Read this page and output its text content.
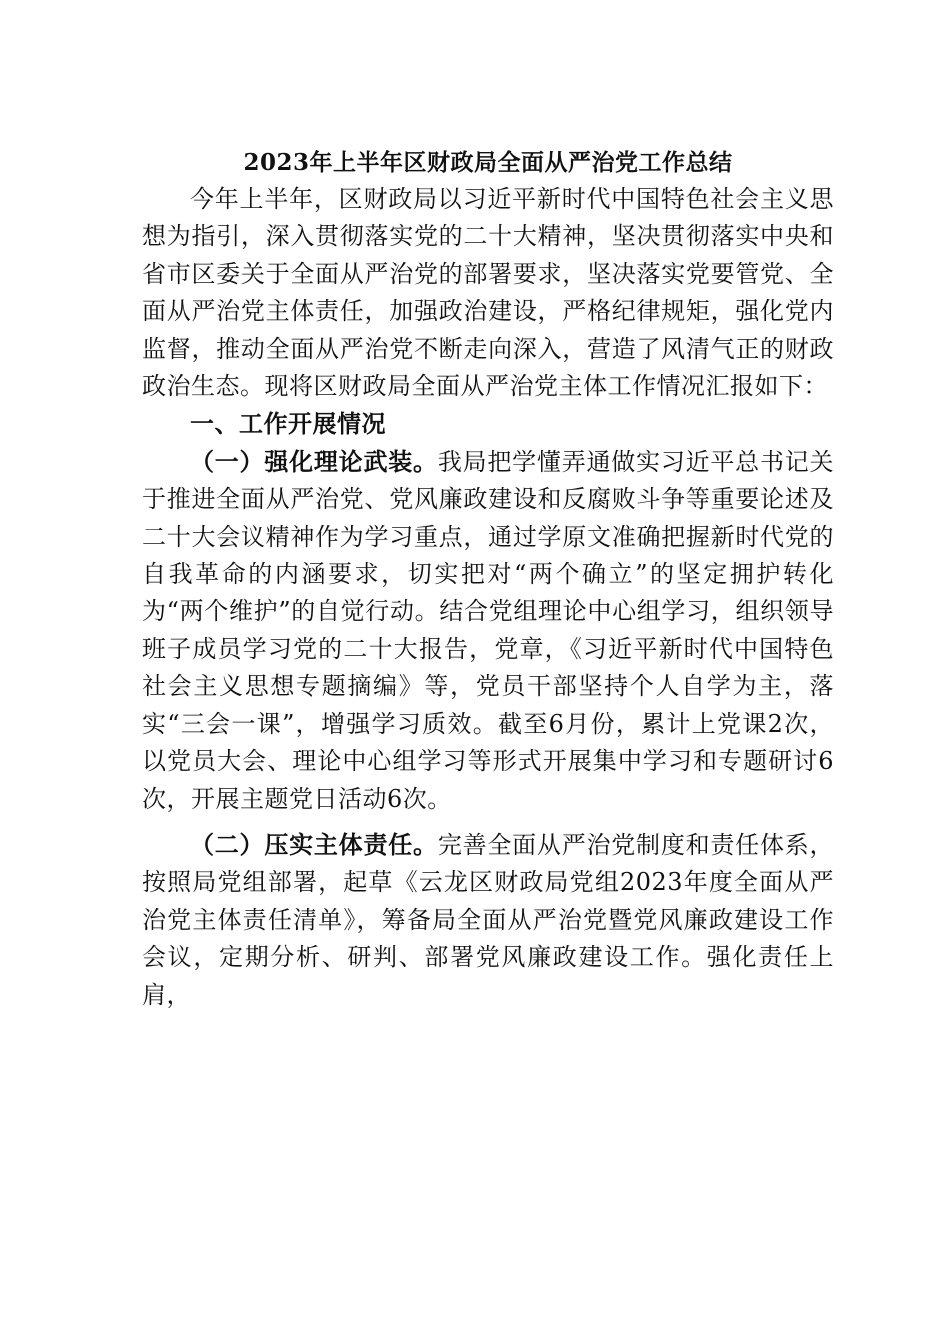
2023年上半年区财政局全面从严治党工作总结

今年上半年，区财政局以习近平新时代中国特色社会主义思想为指引，深入贯彻落实党的二十大精神，坚决贯彻落实中央和省市区委关于全面从严治党的部署要求，坚决落实党要管党、全面从严治党主体责任，加强政治建设，严格纪律规矩，强化党内监督，推动全面从严治党不断走向深入，营造了风清气正的财政政治生态。现将区财政局全面从严治党主体工作情况汇报如下：

一、工作开展情况

（一）强化理论武装。我局把学懂弄通做实习近平总书记关于推进全面从严治党、党风廉政建设和反腐败斗争等重要论述及二十大会议精神作为学习重点，通过学原文准确把握新时代党的自我革命的内涵要求，切实把对“两个确立”的坚定拥护转化为“两个维护”的自觉行动。结合党组理论中心组学习，组织领导班子成员学习党的二十大报告，党章，《习近平新时代中国特色社会主义思想专题摘编》等，党员干部坚持个人自学为主，落实“三会一课”，增强学习质效。截至6月份，累计上党课2次，以党员大会、理论中心组学习等形式开展集中学习和专题研讨6次，开展主题党日活动6次。

（二）压实主体责任。完善全面从严治党制度和责任体系，按照局党组部署，起草《云龙区财政局党组2023年度全面从严治党主体责任清单》，筹备局全面从严治党暨党风廉政建设工作会议，定期分析、研判、部署党风廉政建设工作。强化责任上肩，
